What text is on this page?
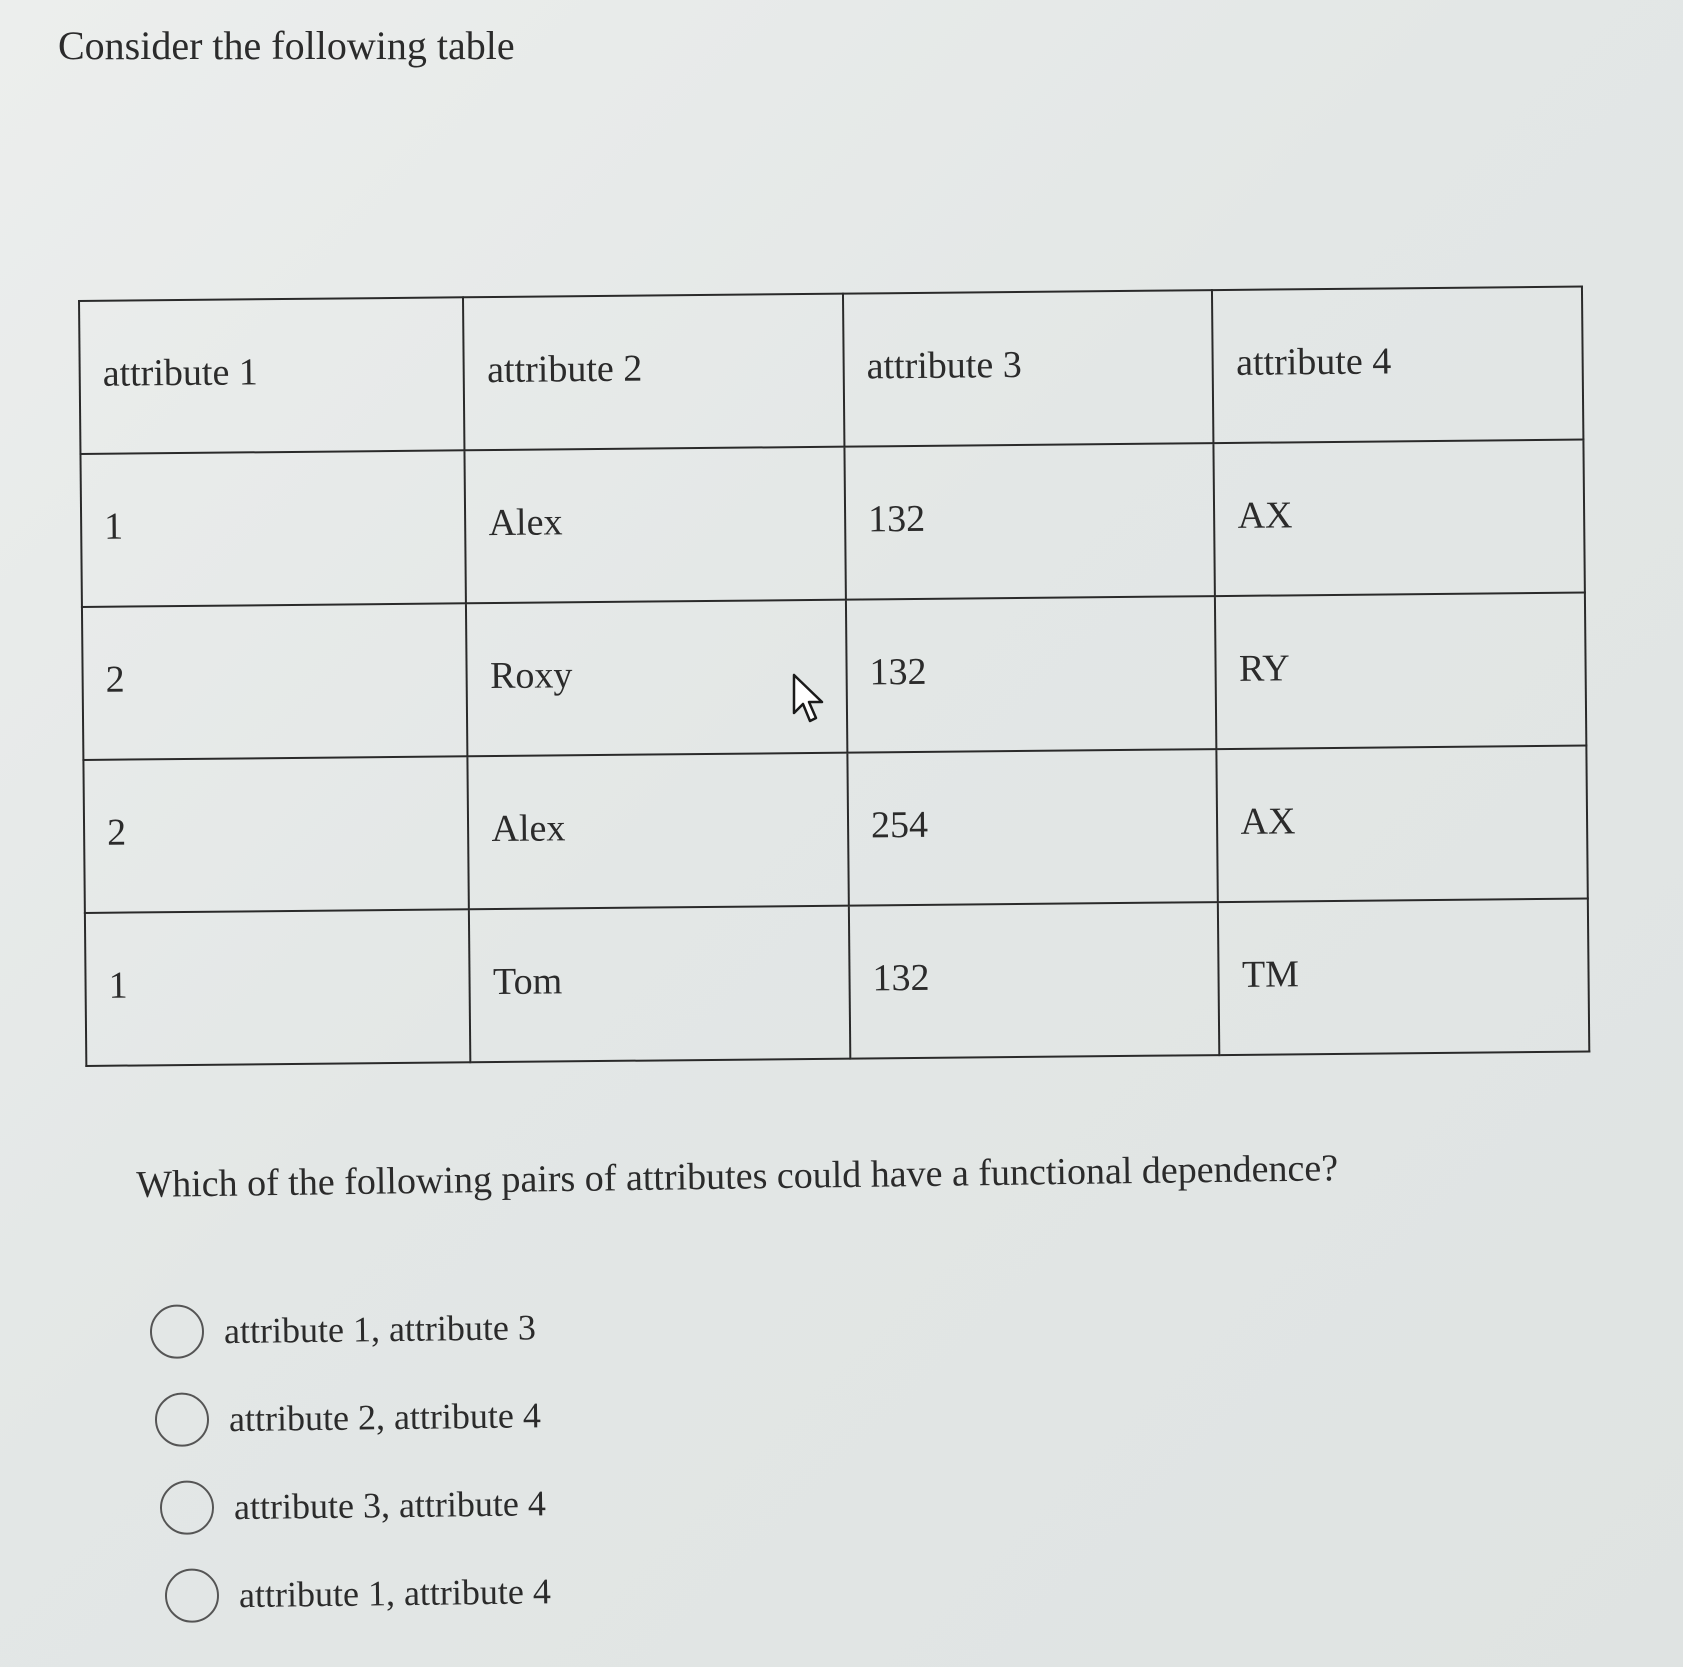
Consider the following table
attribute 1	attribute 2	attribute 3	attribute 4
1	Alex	132	AX
2	Roxy	132	RY
2	Alex	254	AX
1	Tom	132	TM

Which of the following pairs of attributes could have a functional dependence?

attribute 1, attribute 3
attribute 2, attribute 4
attribute 3, attribute 4
attribute 1, attribute 4
